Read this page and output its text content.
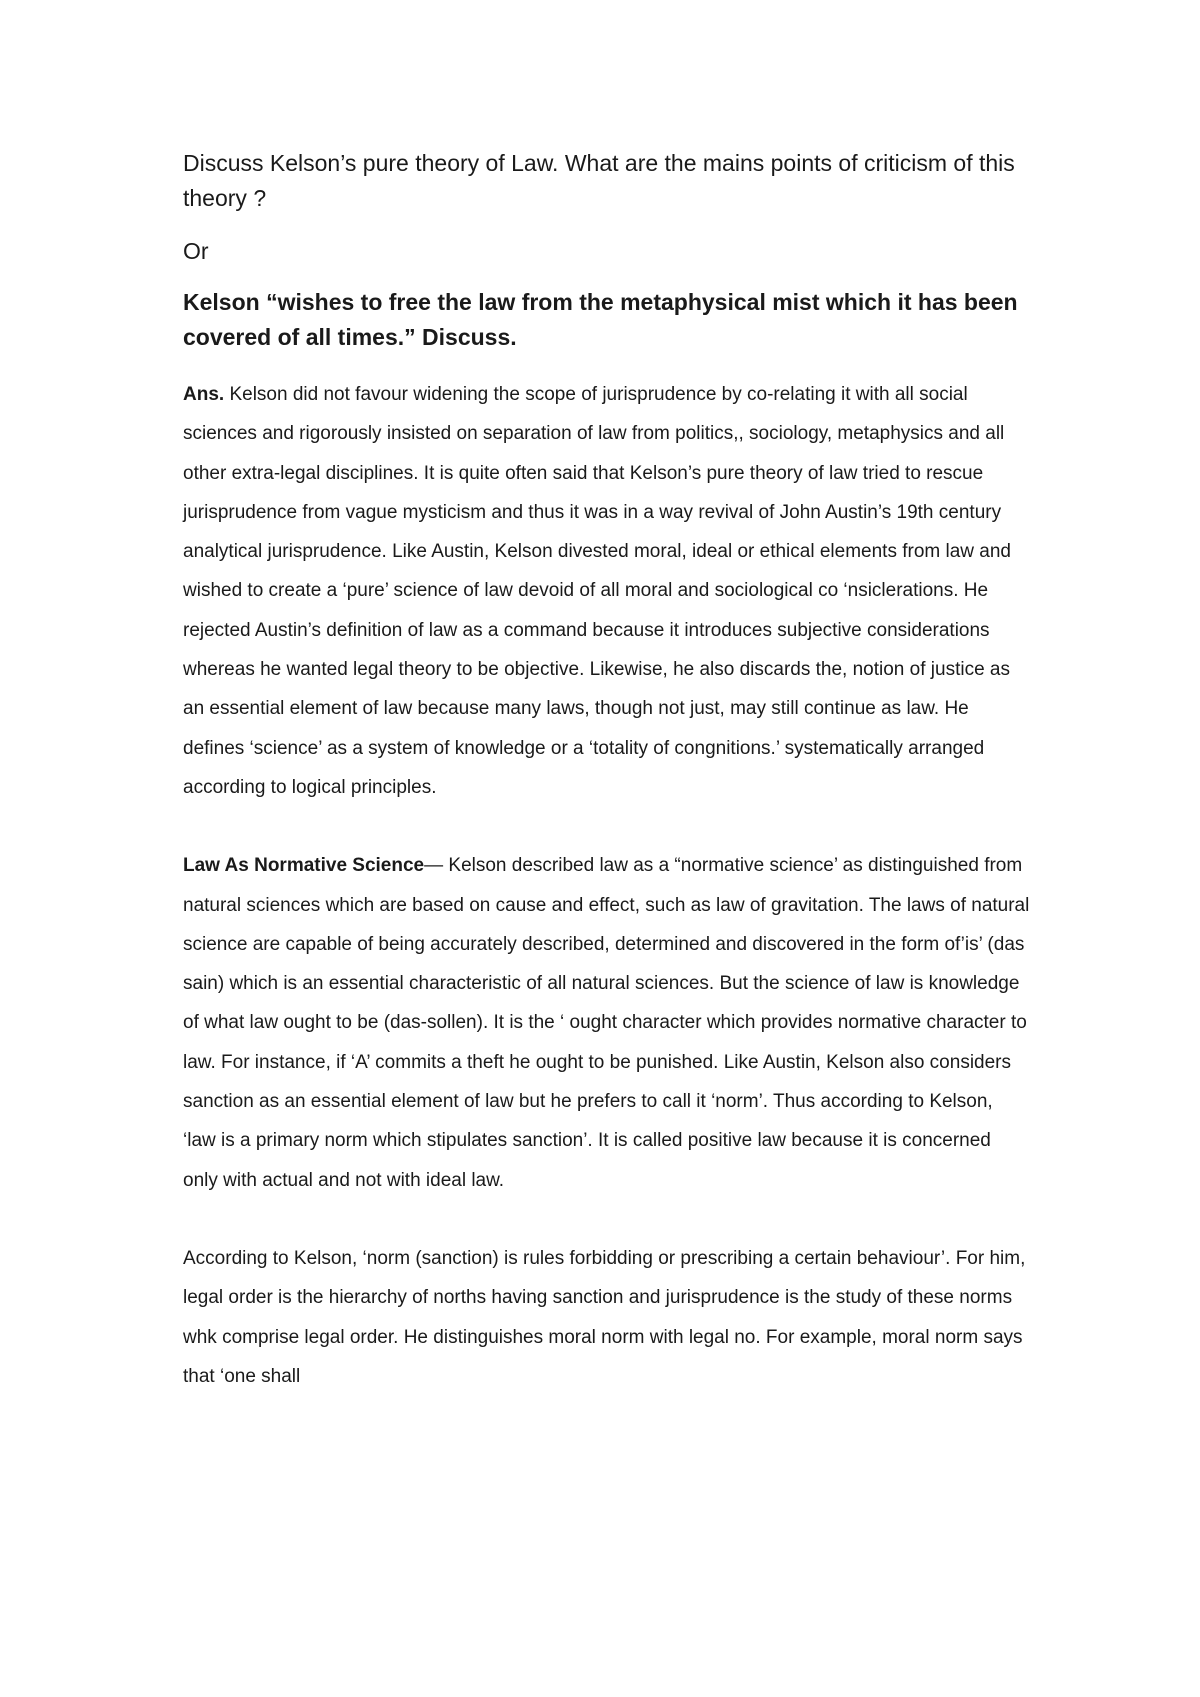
Discuss Kelson’s pure theory of Law. What are the mains points of criticism of this theory ?

Or

Kelson “wishes to free the law from the metaphysical mist which it has been covered of all times.” Discuss.

Ans. Kelson did not favour widening the scope of jurisprudence by co-relating it with all social sciences and rigorously insisted on separation of law from politics,, sociology, metaphysics and all other extra-legal disciplines. It is quite often said that Kelson’s pure theory of law tried to rescue jurisprudence from vague mysticism and thus it was in a way revival of John Austin’s 19th century analytical jurisprudence. Like Austin, Kelson divested moral, ideal or ethical elements from law and wished to create a ‘pure’ science of law devoid of all moral and sociological co ‘nsiclerations. He rejected Austin’s definition of law as a command because it introduces subjective considerations whereas he wanted legal theory to be objective. Likewise, he also discards the, notion of justice as an essential element of law because many laws, though not just, may still continue as law. He defines ‘science’ as a system of knowledge or a ‘totality of congnitions.’ systematically arranged according to logical principles.

Law As Normative Science— Kelson described law as a “normative science’ as distinguished from natural sciences which are based on cause and effect, such as law of gravitation. The laws of natural science are capable of being accurately described, determined and discovered in the form of’is’ (das sain) which is an essential characteristic of all natural sciences. But the science of law is knowledge of what law ought to be (das-sollen). It is the ‘ ought character which provides normative character to law. For instance, if ‘A’ commits a theft he ought to be punished. Like Austin, Kelson also considers sanction as an essential element of law but he prefers to call it ‘norm’. Thus according to Kelson, ‘law is a primary norm which stipulates sanction’. It is called positive law because it is concerned only with actual and not with ideal law.

According to Kelson, ‘norm (sanction) is rules forbidding or prescribing a certain behaviour’. For him, legal order is the hierarchy of norths having sanction and jurisprudence is the study of these norms whk comprise legal order. He distinguishes moral norm with legal no. For example, moral norm says that ‘one shall
